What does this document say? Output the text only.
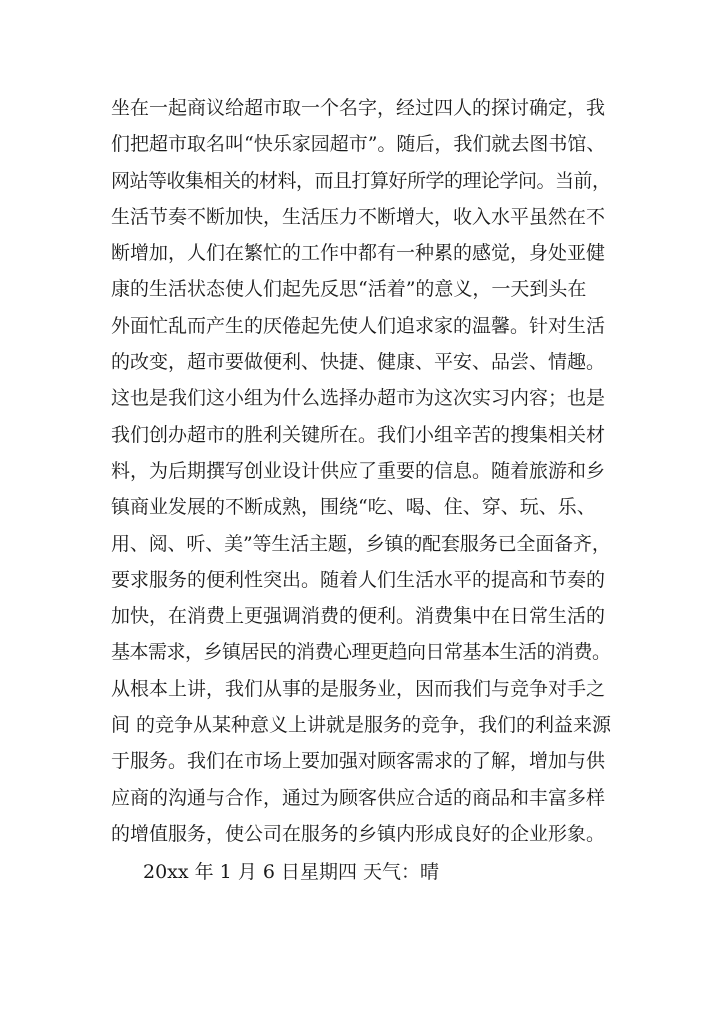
坐在一起商议给超市取一个名字，经过四人的探讨确定，我
们把超市取名叫“快乐家园超市”。随后，我们就去图书馆、
网站等收集相关的材料，而且打算好所学的理论学问。当前，
生活节奏不断加快，生活压力不断增大，收入水平虽然在不
断增加，人们在繁忙的工作中都有一种累的感觉，身处亚健
康的生活状态使人们起先反思“活着”的意义，一天到头在
外面忙乱而产生的厌倦起先使人们追求家的温馨。针对生活
的改变，超市要做便利、快捷、健康、平安、品尝、情趣。
这也是我们这小组为什么选择办超市为这次实习内容；也是
我们创办超市的胜利关键所在。我们小组辛苦的搜集相关材
料，为后期撰写创业设计供应了重要的信息。随着旅游和乡
镇商业发展的不断成熟，围绕“吃、喝、住、穿、玩、乐、
用、阅、听、美”等生活主题，乡镇的配套服务已全面备齐，
要求服务的便利性突出。随着人们生活水平的提高和节奏的
加快，在消费上更强调消费的便利。消费集中在日常生活的
基本需求，乡镇居民的消费心理更趋向日常基本生活的消费。
从根本上讲，我们从事的是服务业，因而我们与竞争对手之
间 的竞争从某种意义上讲就是服务的竞争，我们的利益来源
于服务。我们在市场上要加强对顾客需求的了解，增加与供
应商的沟通与合作，通过为顾客供应合适的商品和丰富多样
的增值服务，使公司在服务的乡镇内形成良好的企业形象。
20xx 年 1 月 6 日星期四 天气：晴
